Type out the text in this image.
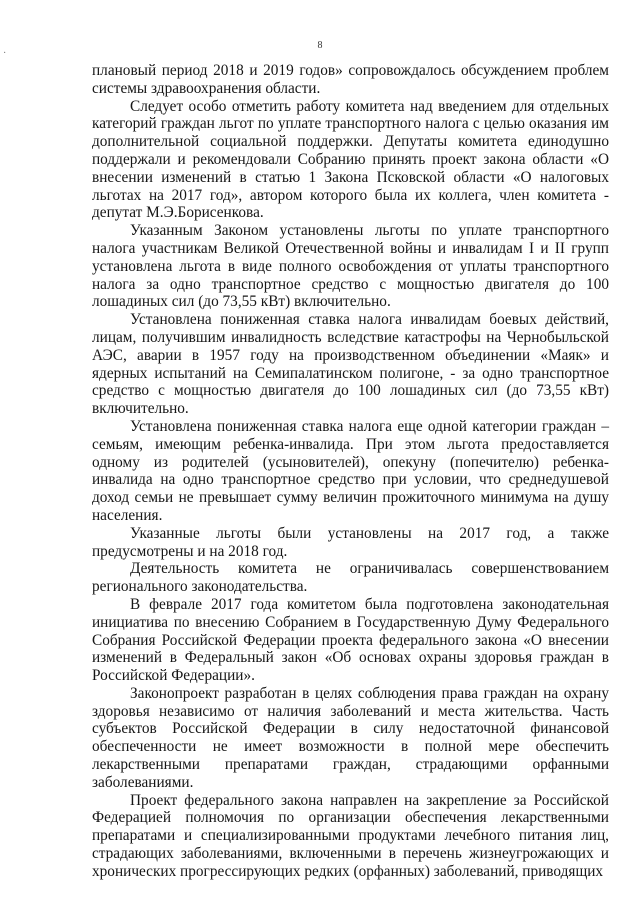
8
·

плановый период 2018 и 2019 годов» сопровождалось обсуждением проблем системы здравоохранения области.

Следует особо отметить работу комитета над введением для отдельных категорий граждан льгот по уплате транспортного налога с целью оказания им дополнительной социальной поддержки. Депутаты комитета единодушно поддержали и рекомендовали Собранию принять проект закона области «О внесении изменений в статью 1 Закона Псковской области «О налоговых льготах на 2017 год», автором которого была их коллега, член комитета - депутат М.Э.Борисенкова.

Указанным Законом установлены льготы по уплате транспортного налога участникам Великой Отечественной войны и инвалидам I и II групп установлена льгота в виде полного освобождения от уплаты транспортного налога за одно транспортное средство с мощностью двигателя до 100 лошадиных сил (до 73,55 кВт) включительно.

Установлена пониженная ставка налога инвалидам боевых действий, лицам, получившим инвалидность вследствие катастрофы на Чернобыльской АЭС, аварии в 1957 году на производственном объединении «Маяк» и ядерных испытаний на Семипалатинском полигоне, - за одно транспортное средство с мощностью двигателя до 100 лошадиных сил (до 73,55 кВт) включительно.

Установлена пониженная ставка налога еще одной категории граждан – семьям, имеющим ребенка-инвалида. При этом льгота предоставляется одному из родителей (усыновителей), опекуну (попечителю) ребенка-инвалида на одно транспортное средство при условии, что среднедушевой доход семьи не превышает сумму величин прожиточного минимума на душу населения.

Указанные льготы были установлены на 2017 год, а также предусмотрены и на 2018 год.

Деятельность комитета не ограничивалась совершенствованием регионального законодательства.

В феврале 2017 года комитетом была подготовлена законодательная инициатива по внесению Собранием в Государственную Думу Федерального Собрания Российской Федерации проекта федерального закона «О внесении изменений в Федеральный закон «Об основах охраны здоровья граждан в Российской Федерации».

Законопроект разработан в целях соблюдения права граждан на охрану здоровья независимо от наличия заболеваний и места жительства. Часть субъектов Российской Федерации в силу недостаточной финансовой обеспеченности не имеет возможности в полной мере обеспечить лекарственными препаратами граждан, страдающими орфанными заболеваниями.

Проект федерального закона направлен на закрепление за Российской Федерацией полномочия по организации обеспечения лекарственными препаратами и специализированными продуктами лечебного питания лиц, страдающих заболеваниями, включенными в перечень жизнеугрожающих и хронических прогрессирующих редких (орфанных) заболеваний, приводящих
